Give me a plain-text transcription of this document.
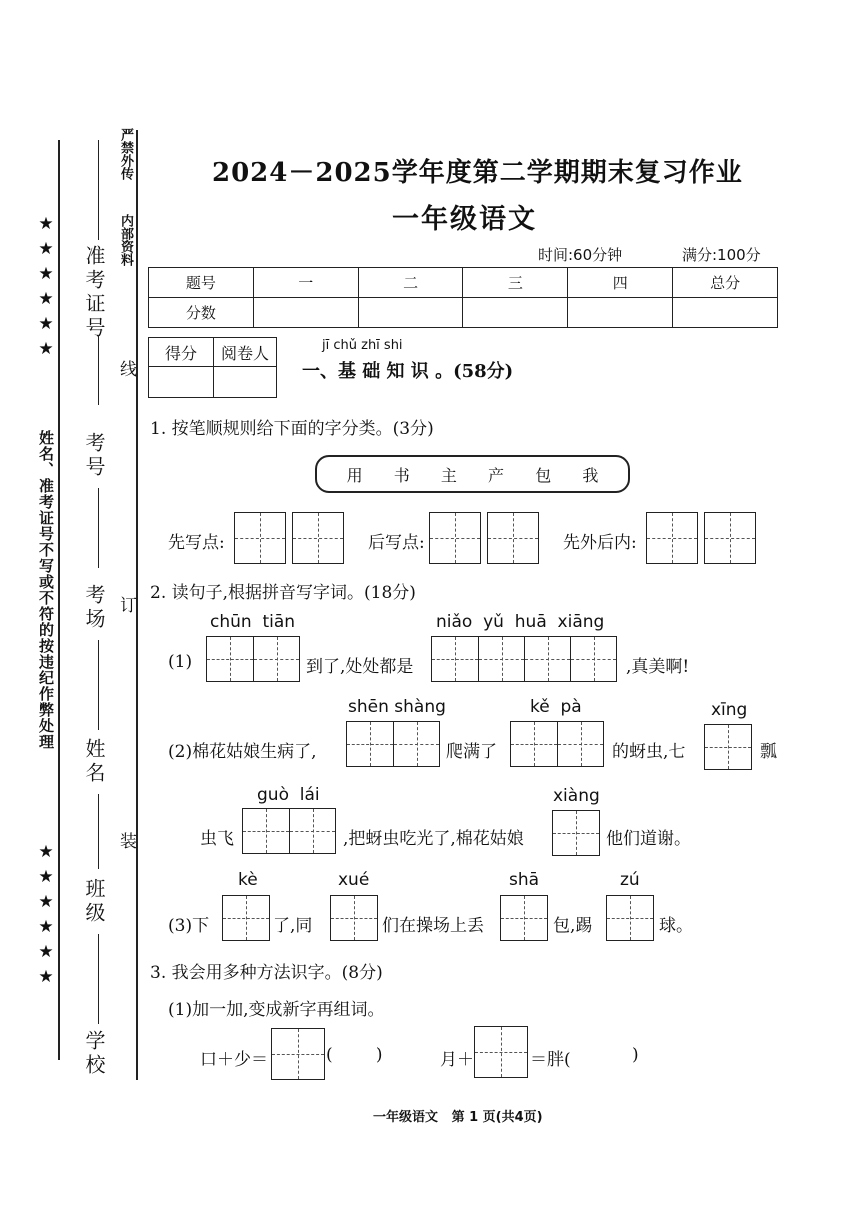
★
★
★
★
★
★
★
★
★
★
★
★
姓名、准考证号不写或不符的按违纪作弊处理
准考证号
考号
考场
姓名
班级
学校
严禁外传
内部资料
线
订
装
2024－2025学年度第二学期期末复习作业
一年级语文
时间:60分钟	满分:100分
题号	一	二	三	四	总分
分数					
得分	阅卷人
		jī chǔ zhī shi
一、基 础 知 识 。(58分)
1. 按笔顺规则给下面的字分类。(3分)
用 书 主 产 包 我
先写点:	后写点:	先外后内:
2. 读句子,根据拼音写字词。(18分)
chūn  tiān
(1)	到了,处处都是
niǎo  yǔ  huā  xiāng
,真美啊!
shēn shàng
(2)棉花姑娘生病了,	爬满了
kě  pà
的蚜虫,七
xīng
瓢
guò  lái
虫飞	,把蚜虫吃光了,棉花姑娘
xiàng
他们道谢。
kè
(3)下	了,同
xué
们在操场上丢
shā
包,踢
zú
球。
3. 我会用多种方法识字。(8分)
(1)加一加,变成新字再组词。
口＋少＝	(        )	月＋	＝胖(	)
一年级语文   第 1 页(共4页)
